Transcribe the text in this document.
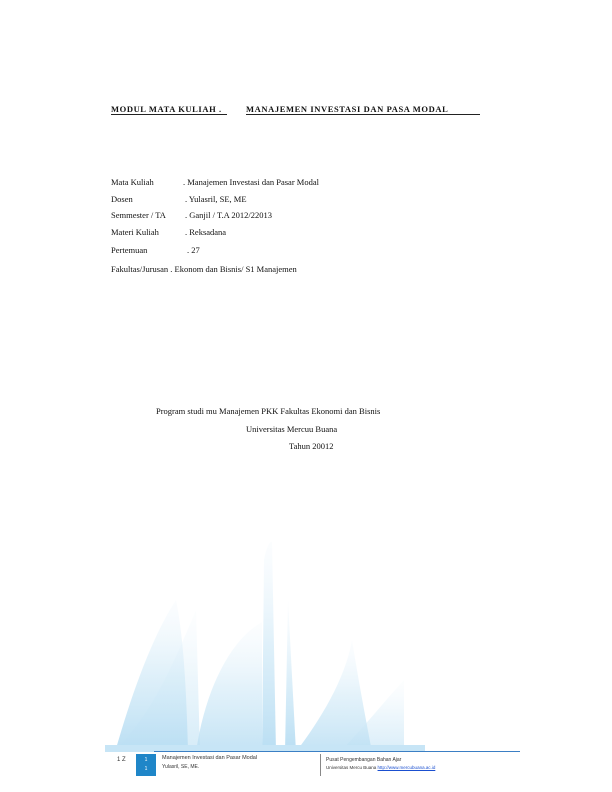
MODUL MATA KULIAH .	MANAJEMEN INVESTASI DAN PASA MODAL
Mata Kuliah	. Manajemen Investasi dan Pasar Modal
Dosen	. Yulasril, SE, ME
Semmester / TA . Ganjil / T.A 2012/22013
Materi Kuliah	. Reksadana
Pertemuan	. 27
Fakultas/Jurusan . Ekonom dan Bisnis/ S1 Manajemen
Program studi mu Manajemen PKK Fakultas Ekonomi dan Bisnis
Universitas Mercuu Buana
Tahun 20012
1 Z	1
1
Manajemen Investasi dan Pasar Modal
Yulasril, SE, ME.
Pusat Pengembangan Bahan Ajar
Universitas Mercu Buana http://www.mercubuana.ac.id
